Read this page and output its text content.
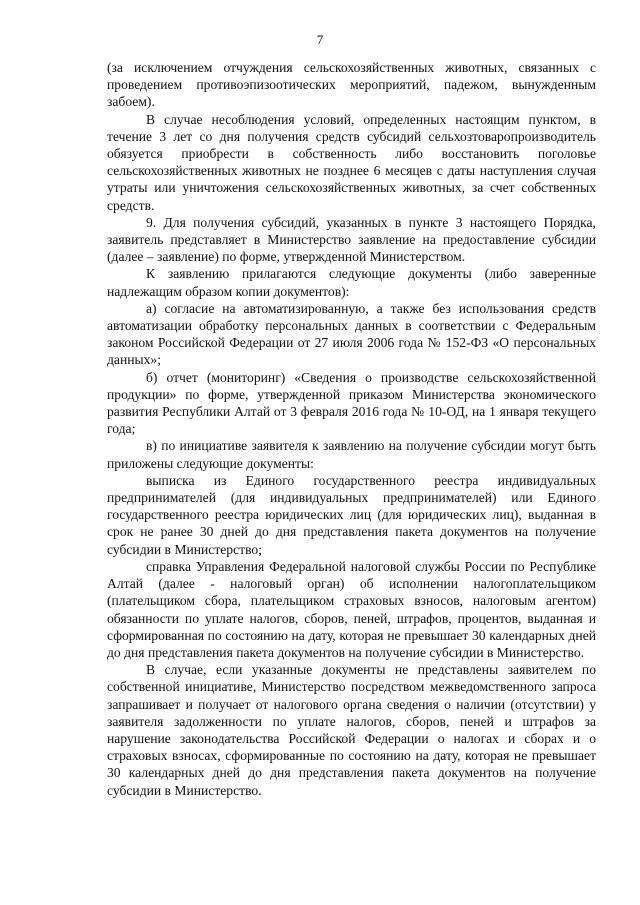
7

(за исключением отчуждения сельскохозяйственных животных, связанных с проведением противоэпизоотических мероприятий, падежом, вынужденным забоем).

В случае несоблюдения условий, определенных настоящим пунктом, в течение 3 лет со дня получения средств субсидий сельхозтоваропроизводитель обязуется приобрести в собственность либо восстановить поголовье сельскохозяйственных животных не позднее 6 месяцев с даты наступления случая утраты или уничтожения сельскохозяйственных животных, за счет собственных средств.

9. Для получения субсидий, указанных в пункте 3 настоящего Порядка, заявитель представляет в Министерство заявление на предоставление субсидии (далее – заявление) по форме, утвержденной Министерством.

К заявлению прилагаются следующие документы (либо заверенные надлежащим образом копии документов):

а) согласие на автоматизированную, а также без использования средств автоматизации обработку персональных данных в соответствии с Федеральным законом Российской Федерации от 27 июля 2006 года № 152-ФЗ «О персональных данных»;

б) отчет (мониторинг) «Сведения о производстве сельскохозяйственной продукции» по форме, утвержденной приказом Министерства экономического развития Республики Алтай от 3 февраля 2016 года № 10-ОД, на 1 января текущего года;

в) по инициативе заявителя к заявлению на получение субсидии могут быть приложены следующие документы:

выписка из Единого государственного реестра индивидуальных предпринимателей (для индивидуальных предпринимателей) или Единого государственного реестра юридических лиц (для юридических лиц), выданная в срок не ранее 30 дней до дня представления пакета документов на получение субсидии в Министерство;

справка Управления Федеральной налоговой службы России по Республике Алтай (далее - налоговый орган) об исполнении налогоплательщиком (плательщиком сбора, плательщиком страховых взносов, налоговым агентом) обязанности по уплате налогов, сборов, пеней, штрафов, процентов, выданная и сформированная по состоянию на дату, которая не превышает 30 календарных дней до дня представления пакета документов на получение субсидии в Министерство.

В случае, если указанные документы не представлены заявителем по собственной инициативе, Министерство посредством межведомственного запроса запрашивает и получает от налогового органа сведения о наличии (отсутствии) у заявителя задолженности по уплате налогов, сборов, пеней и штрафов за нарушение законодательства Российской Федерации о налогах и сборах и о страховых взносах, сформированные по состоянию на дату, которая не превышает 30 календарных дней до дня представления пакета документов на получение субсидии в Министерство.
